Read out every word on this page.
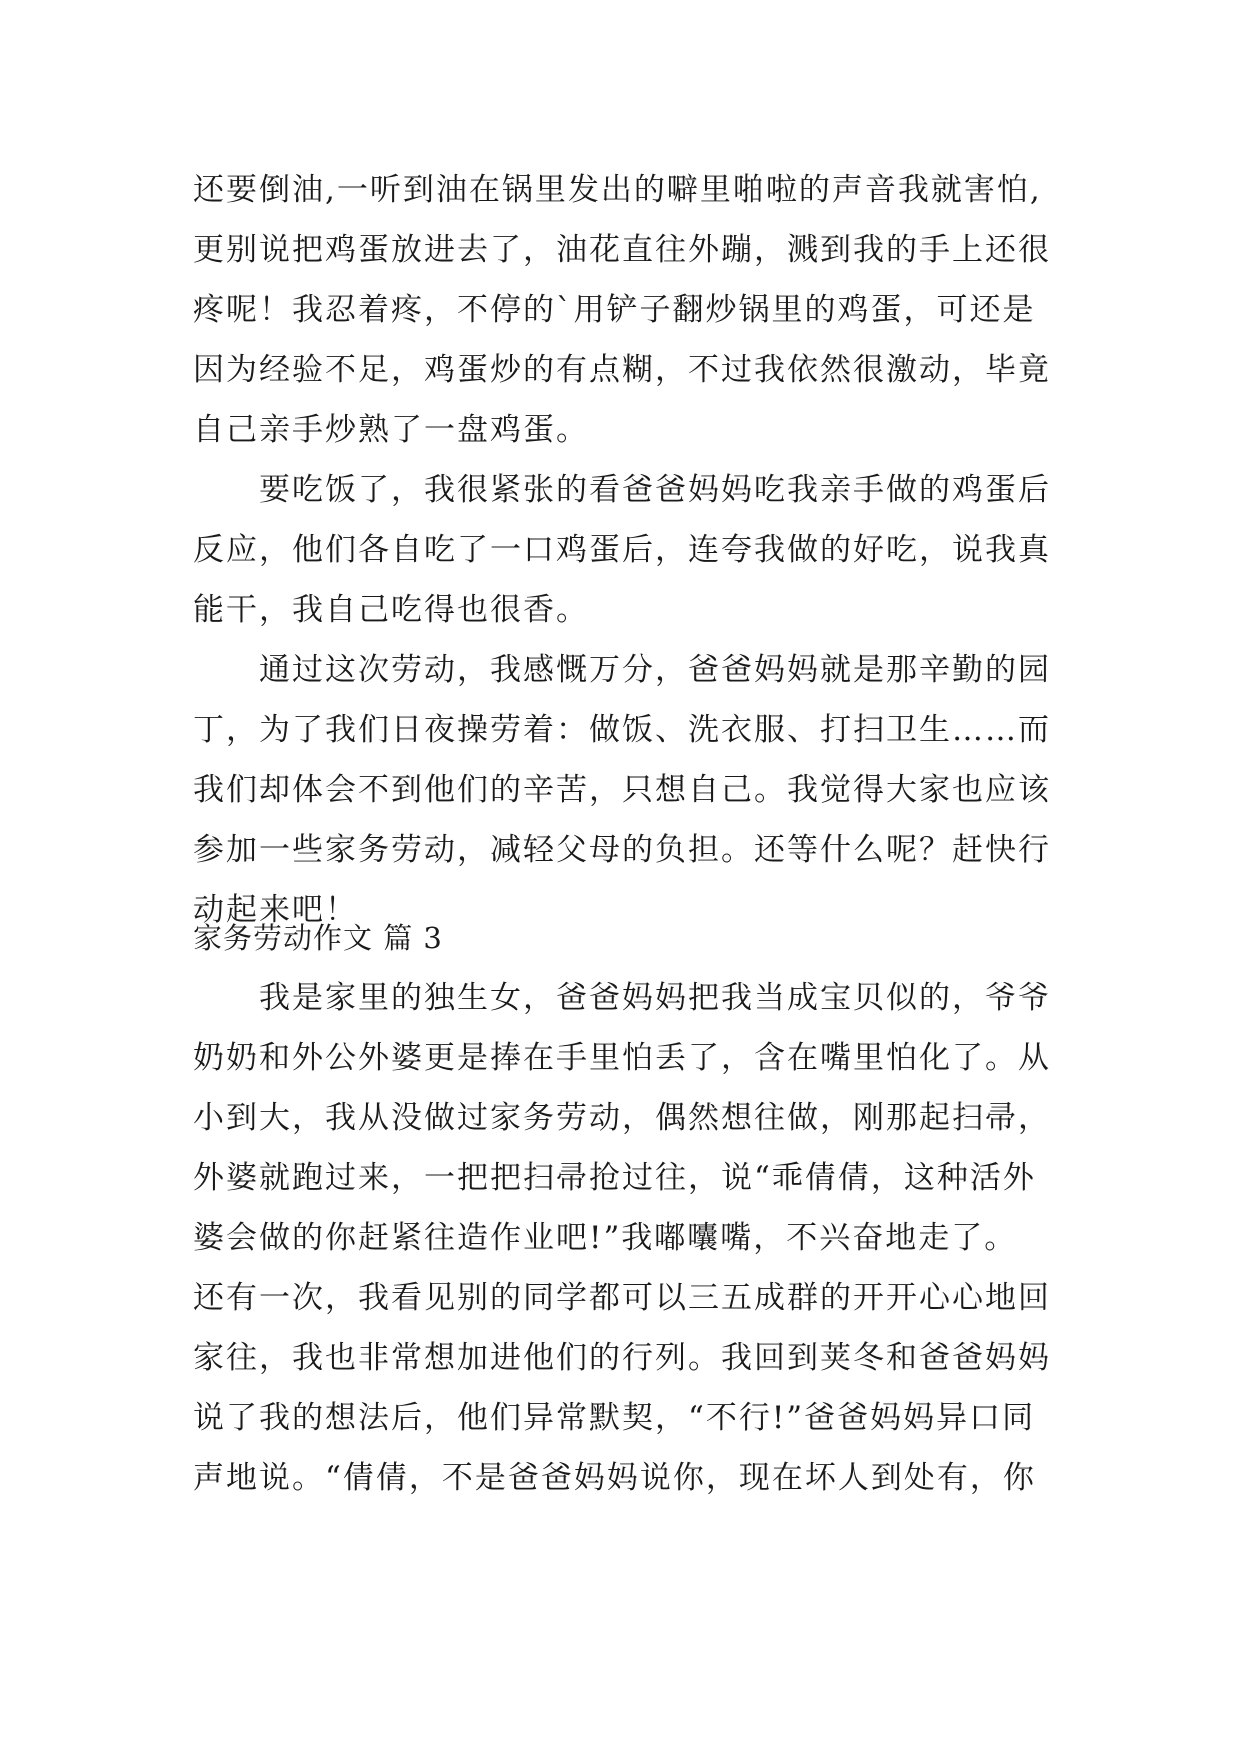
还要倒油,一听到油在锅里发出的噼里啪啦的声音我就害怕,
更别说把鸡蛋放进去了，油花直往外蹦，溅到我的手上还很
疼呢！我忍着疼，不停的`用铲子翻炒锅里的鸡蛋，可还是
因为经验不足，鸡蛋炒的有点糊，不过我依然很激动，毕竟
自己亲手炒熟了一盘鸡蛋。
　　要吃饭了，我很紧张的看爸爸妈妈吃我亲手做的鸡蛋后
反应，他们各自吃了一口鸡蛋后，连夸我做的好吃，说我真
能干，我自己吃得也很香。
　　通过这次劳动，我感慨万分，爸爸妈妈就是那辛勤的园
丁，为了我们日夜操劳着：做饭、洗衣服、打扫卫生……而
我们却体会不到他们的辛苦，只想自己。我觉得大家也应该
参加一些家务劳动，减轻父母的负担。还等什么呢？赶快行
动起来吧！
家务劳动作文 篇 3
　　我是家里的独生女，爸爸妈妈把我当成宝贝似的，爷爷
奶奶和外公外婆更是捧在手里怕丢了，含在嘴里怕化了。从
小到大，我从没做过家务劳动，偶然想往做，刚那起扫帚，
外婆就跑过来，一把把扫帚抢过往，说“乖倩倩，这种活外
婆会做的你赶紧往造作业吧!”我嘟囔嘴，不兴奋地走了。
还有一次，我看见别的同学都可以三五成群的开开心心地回
家往，我也非常想加进他们的行列。我回到荚冬和爸爸妈妈
说了我的想法后，他们异常默契，“不行!”爸爸妈妈异口同
声地说。“倩倩，不是爸爸妈妈说你，现在坏人到处有，你
